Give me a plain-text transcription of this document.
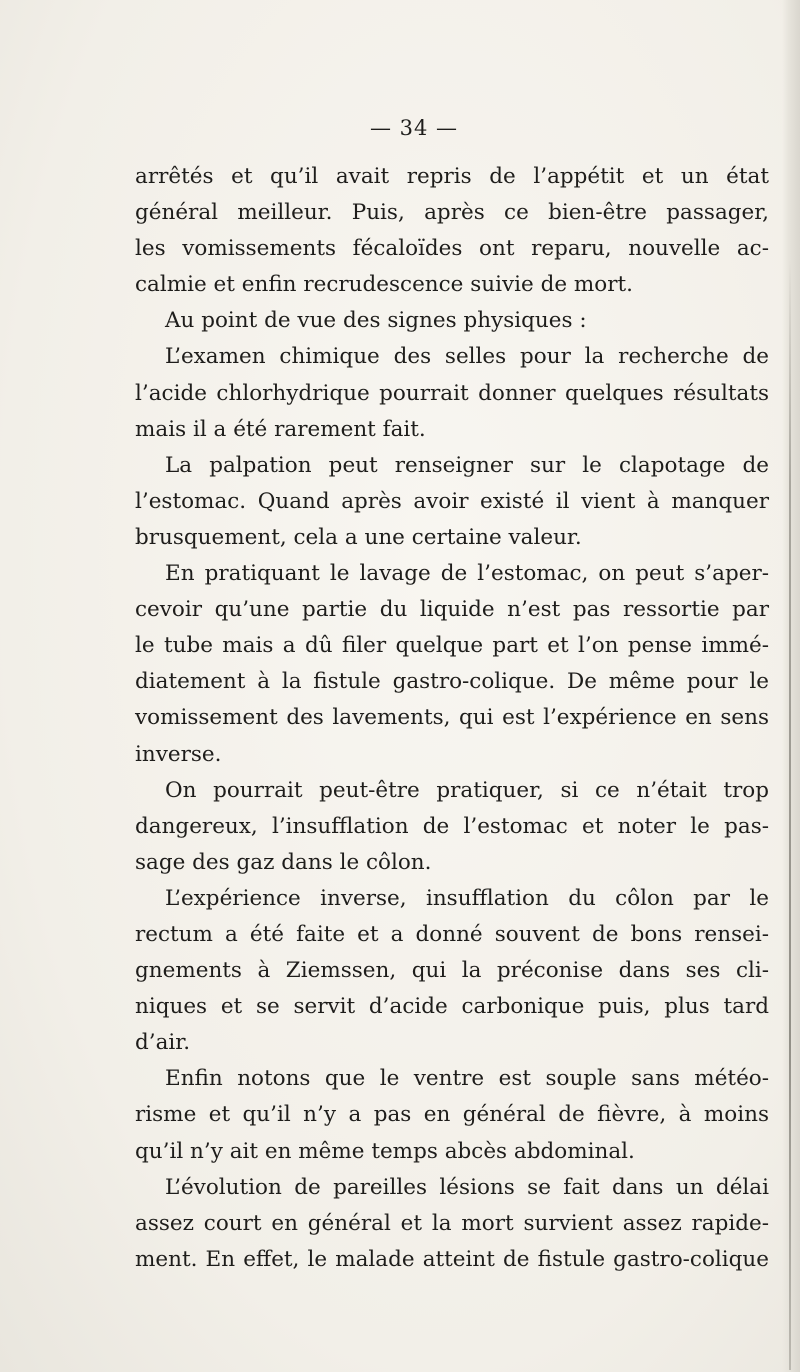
— 34 —
arrêtés et qu’il avait repris de l’appétit et un état
général meilleur. Puis, après ce bien-être passager,
les vomissements fécaloïdes ont reparu, nouvelle ac-
calmie et enfin recrudescence suivie de mort.
Au point de vue des signes physiques :
L’examen chimique des selles pour la recherche de
l’acide chlorhydrique pourrait donner quelques résultats
mais il a été rarement fait.
La palpation peut renseigner sur le clapotage de
l’estomac. Quand après avoir existé il vient à manquer
brusquement, cela a une certaine valeur.
En pratiquant le lavage de l’estomac, on peut s’aper-
cevoir qu’une partie du liquide n’est pas ressortie par
le tube mais a dû filer quelque part et l’on pense immé-
diatement à la fistule gastro-colique. De même pour le
vomissement des lavements, qui est l’expérience en sens
inverse.
On pourrait peut-être pratiquer, si ce n’était trop
dangereux, l’insufflation de l’estomac et noter le pas-
sage des gaz dans le côlon.
L’expérience inverse, insufflation du côlon par le
rectum a été faite et a donné souvent de bons rensei-
gnements à Ziemssen, qui la préconise dans ses cli-
niques et se servit d’acide carbonique puis, plus tard
d’air.
Enfin notons que le ventre est souple sans météo-
risme et qu’il n’y a pas en général de fièvre, à moins
qu’il n’y ait en même temps abcès abdominal.
L’évolution de pareilles lésions se fait dans un délai
assez court en général et la mort survient assez rapide-
ment. En effet, le malade atteint de fistule gastro-colique
